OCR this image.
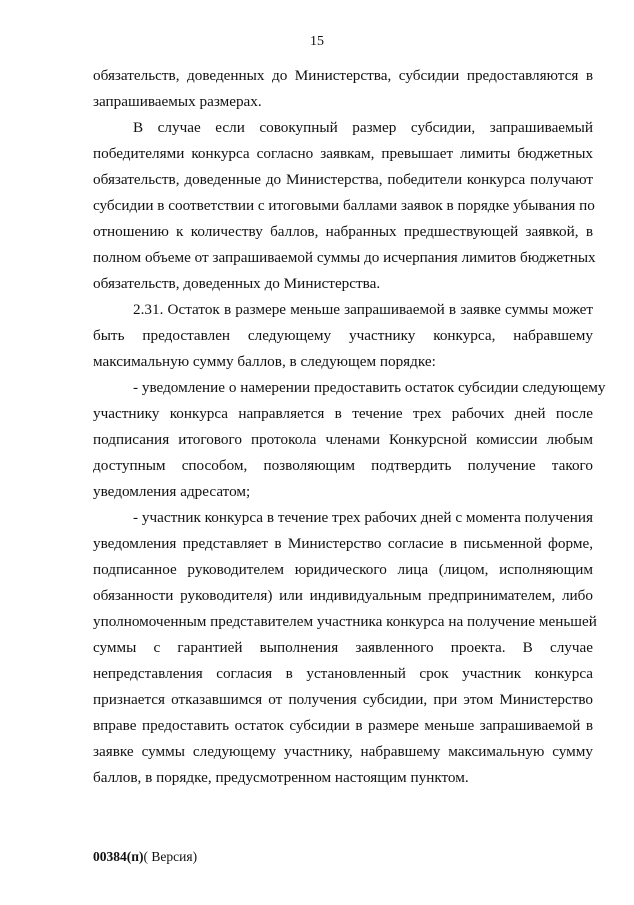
15
обязательств, доведенных до Министерства, субсидии предоставляются в
запрашиваемых размерах.
В случае если совокупный размер субсидии, запрашиваемый
победителями конкурса согласно заявкам, превышает лимиты бюджетных
обязательств, доведенные до Министерства, победители конкурса получают
субсидии в соответствии с итоговыми баллами заявок в порядке убывания по
отношению к количеству баллов, набранных предшествующей заявкой, в
полном объеме от запрашиваемой суммы до исчерпания лимитов бюджетных
обязательств, доведенных до Министерства.
2.31. Остаток в размере меньше запрашиваемой в заявке суммы может
быть предоставлен следующему участнику конкурса, набравшему
максимальную сумму баллов, в следующем порядке:
- уведомление о намерении предоставить остаток субсидии следующему
участнику конкурса направляется в течение трех рабочих дней после
подписания итогового протокола членами Конкурсной комиссии любым
доступным способом, позволяющим подтвердить получение такого
уведомления адресатом;
- участник конкурса в течение трех рабочих дней с момента получения
уведомления представляет в Министерство согласие в письменной форме,
подписанное руководителем юридического лица (лицом, исполняющим
обязанности руководителя) или индивидуальным предпринимателем, либо
уполномоченным представителем участника конкурса на получение меньшей
суммы с гарантией выполнения заявленного проекта. В случае
непредставления согласия в установленный срок участник конкурса
признается отказавшимся от получения субсидии, при этом Министерство
вправе предоставить остаток субсидии в размере меньше запрашиваемой в
заявке суммы следующему участнику, набравшему максимальную сумму
баллов, в порядке, предусмотренном настоящим пунктом.
00384(п)( Версия)
